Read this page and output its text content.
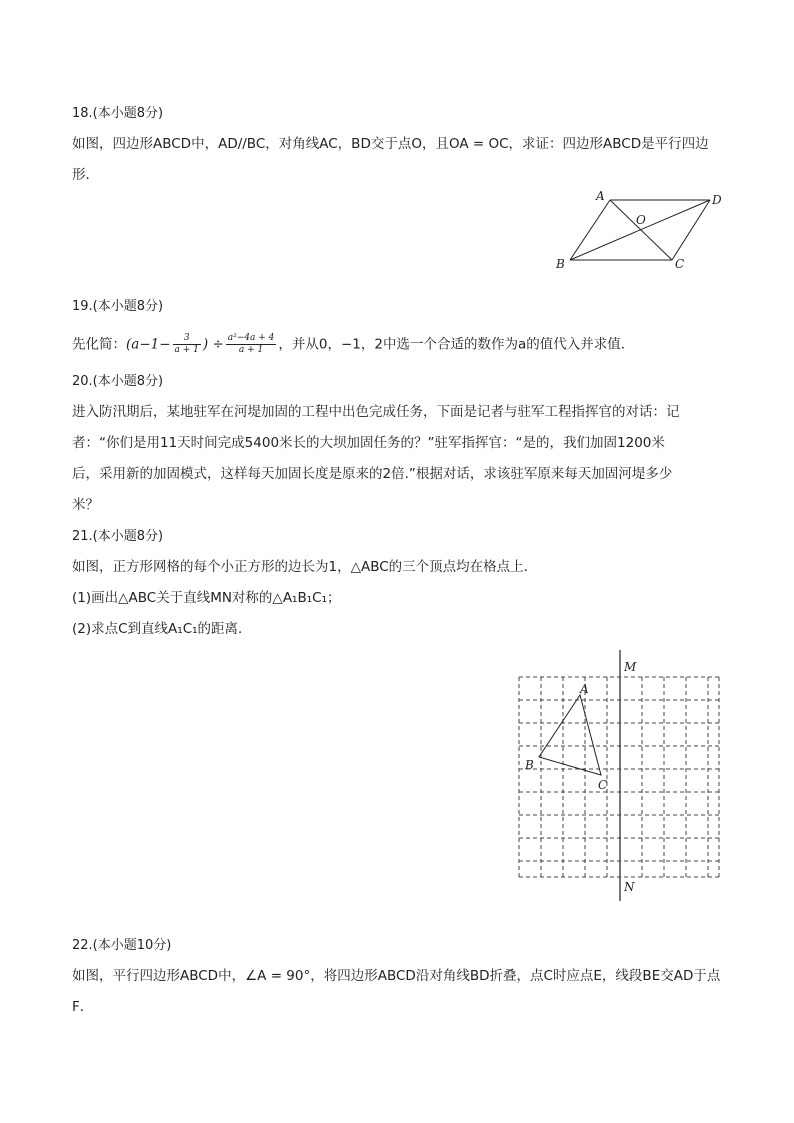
18.(本小题8分)
如图，四边形ABCD中，AD//BC，对角线AC，BD交于点O，且OA = OC，求证：四边形ABCD是平行四边
形．
A	D
O
B	C
19.(本小题8分)
先化简：($a-1- \frac{3}{a + 1}$ ) ÷ $\frac{\text{a²−4a + 4}}{a + 1}$ ，并从0，−1，2中选一个合适的数作为a的值代入并求值．
20.(本小题8分)
进入防汛期后，某地驻军在河堤加固的工程中出色完成任务，下面是记者与驻军工程指挥官的对话：记
者：“你们是用11天时间完成5400米长的大坝加固任务的？”驻军指挥官：“是的，我们加固1200米
后，采用新的加固模式，这样每天加固长度是原来的2倍.”根据对话，求该驻军原来每天加固河堤多少
米？
21.(本小题8分)
如图，正方形网格的每个小正方形的边长为1，△ABC的三个顶点均在格点上．
(1)画出△ABC关于直线MN对称的△A₁B₁C₁；
(2)求点C到直线A₁C₁的距离．
M
N
A
B
C
22.(本小题10分)
如图，平行四边形ABCD中，∠A = 90°，将四边形ABCD沿对角线BD折叠，点C时应点E，线段BE交AD于点
F．
